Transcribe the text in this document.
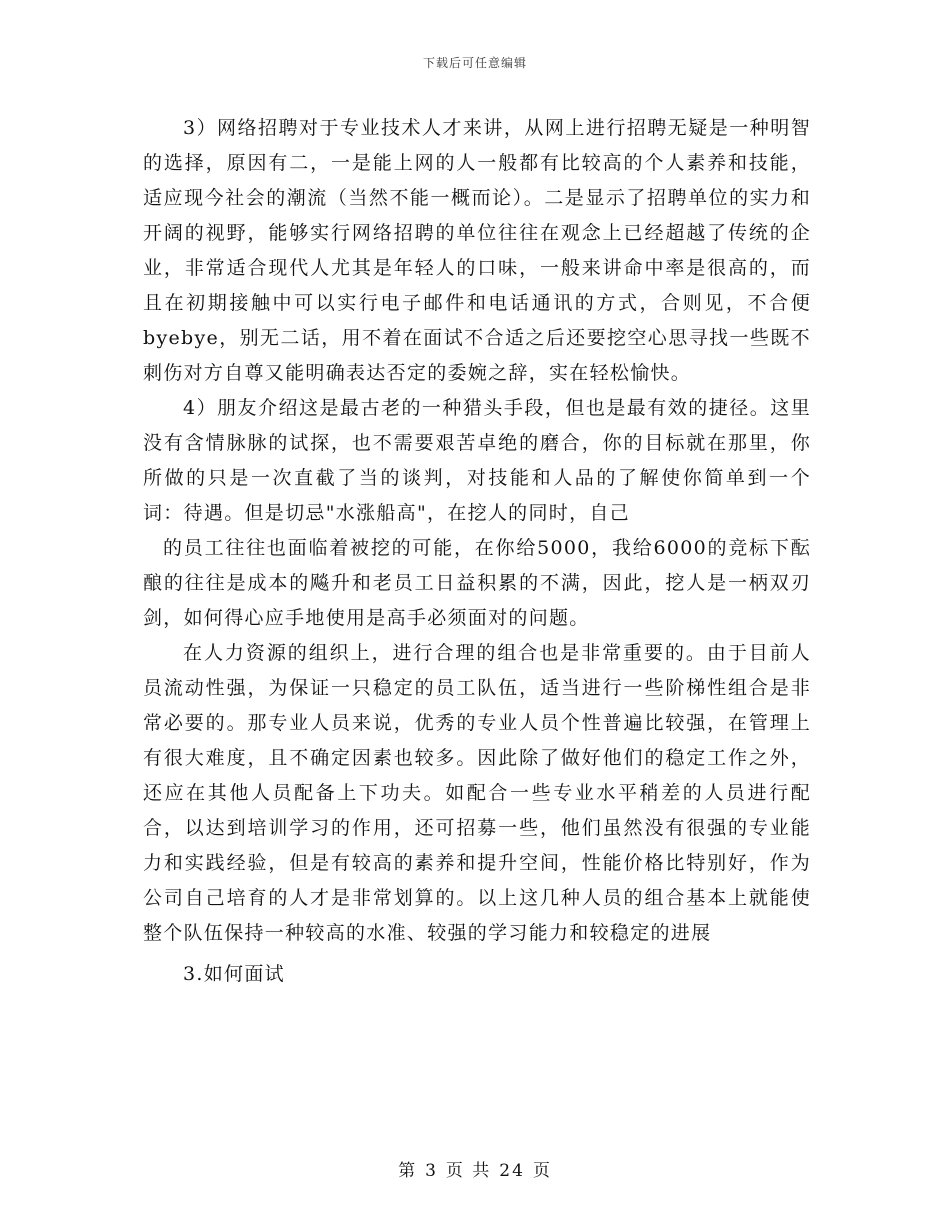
下载后可任意编辑

3）网络招聘对于专业技术人才来讲，从网上进行招聘无疑是一种明智的选择，原因有二，一是能上网的人一般都有比较高的个人素养和技能，适应现今社会的潮流（当然不能一概而论）。二是显示了招聘单位的实力和开阔的视野，能够实行网络招聘的单位往往在观念上已经超越了传统的企业，非常适合现代人尤其是年轻人的口味，一般来讲命中率是很高的，而且在初期接触中可以实行电子邮件和电话通讯的方式，合则见，不合便byebye，别无二话，用不着在面试不合适之后还要挖空心思寻找一些既不刺伤对方自尊又能明确表达否定的委婉之辞，实在轻松愉快。

4）朋友介绍这是最古老的一种猎头手段，但也是最有效的捷径。这里没有含情脉脉的试探，也不需要艰苦卓绝的磨合，你的目标就在那里，你所做的只是一次直截了当的谈判，对技能和人品的了解使你简单到一个词：待遇。但是切忌"水涨船高"，在挖人的同时，自己

的员工往往也面临着被挖的可能，在你给5000，我给6000的竞标下酝酿的往往是成本的飚升和老员工日益积累的不满，因此，挖人是一柄双刃剑，如何得心应手地使用是高手必须面对的问题。

在人力资源的组织上，进行合理的组合也是非常重要的。由于目前人员流动性强，为保证一只稳定的员工队伍，适当进行一些阶梯性组合是非常必要的。那专业人员来说，优秀的专业人员个性普遍比较强，在管理上有很大难度，且不确定因素也较多。因此除了做好他们的稳定工作之外，还应在其他人员配备上下功夫。如配合一些专业水平稍差的人员进行配合，以达到培训学习的作用，还可招募一些，他们虽然没有很强的专业能力和实践经验，但是有较高的素养和提升空间，性能价格比特别好，作为公司自己培育的人才是非常划算的。以上这几种人员的组合基本上就能使整个队伍保持一种较高的水准、较强的学习能力和较稳定的进展

3.如何面试

第 3 页 共 24 页
